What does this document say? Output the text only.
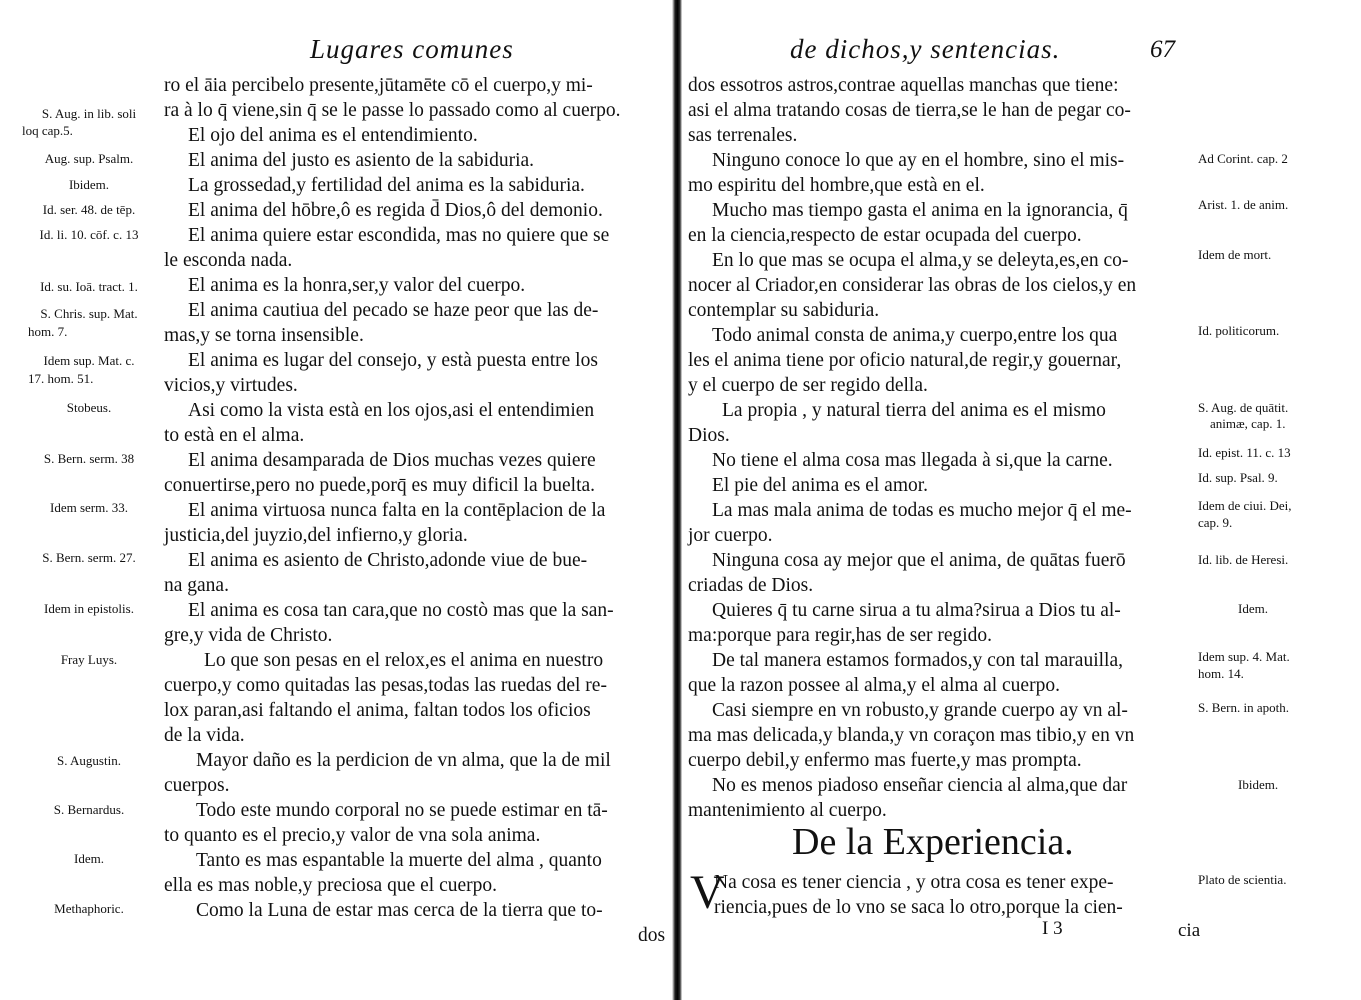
Lugares comunes
ro el āia percibelo presente,jūtamēte cō el cuerpo,y mi-
ra à lo q̄ viene,sin q̄ se le passe lo passado como al cuerpo.
El ojo del anima es el entendimiento.
El anima del justo es asiento de la sabiduria.
La grossedad,y fertilidad del anima es la sabiduria.
El anima del hōbre,ô es regida d̄ Dios,ô del demonio.
El anima quiere estar escondida, mas no quiere que se
le esconda nada.
El anima es la honra,ser,y valor del cuerpo.
El anima cautiua del pecado se haze peor que las de-
mas,y se torna insensible.
El anima es lugar del consejo, y està puesta entre los
vicios,y virtudes.
Asi como la vista està en los ojos,asi el entendimien
to està en el alma.
El anima desamparada de Dios muchas vezes quiere
conuertirse,pero no puede,porq̄ es muy dificil la buelta.
El anima virtuosa nunca falta en la contēplacion de la
justicia,del juyzio,del infierno,y gloria.
El anima es asiento de Christo,adonde viue de bue-
na gana.
El anima es cosa tan cara,que no costò mas que la san-
gre,y vida de Christo.
Lo que son pesas en el relox,es el anima en nuestro
cuerpo,y como quitadas las pesas,todas las ruedas del re-
lox paran,asi faltando el anima, faltan todos los oficios
de la vida.
Mayor daño es la perdicion de vn alma, que la de mil
cuerpos.
Todo este mundo corporal no se puede estimar en tā-
to quanto es el precio,y valor de vna sola anima.
Tanto es mas espantable la muerte del alma , quanto
ella es mas noble,y preciosa que el cuerpo.
Como la Luna de estar mas cerca de la tierra que to-
dos
S. Aug. in lib. soli
loq cap.5.
Aug. sup. Psalm.
Ibidem.
Id. ser. 48. de tēp.
Id. li. 10. cōf. c. 13
Id. su. Ioā. tract. 1.
S. Chris. sup. Mat.
hom. 7.
Idem sup. Mat. c.
17. hom. 51.
Stobeus.
S. Bern. serm. 38
Idem serm. 33.
S. Bern. serm. 27.
Idem in epistolis.
Fray Luys.
S. Augustin.
S. Bernardus.
Idem.
Methaphoric.
de dichos,y sentencias.	67
dos essotros astros,contrae aquellas manchas que tiene:
asi el alma tratando cosas de tierra,se le han de pegar co-
sas terrenales.
Ninguno conoce lo que ay en el hombre, sino el mis-
mo espiritu del hombre,que està en el.
Mucho mas tiempo gasta el anima en la ignorancia, q̄
en la ciencia,respecto de estar ocupada del cuerpo.
En lo que mas se ocupa el alma,y se deleyta,es,en co-
nocer al Criador,en considerar las obras de los cielos,y en
contemplar su sabiduria.
Todo animal consta de anima,y cuerpo,entre los qua
les el anima tiene por oficio natural,de regir,y gouernar,
y el cuerpo de ser regido della.
La propia , y natural tierra del anima es el mismo
Dios.
No tiene el alma cosa mas llegada à si,que la carne.
El pie del anima es el amor.
La mas mala anima de todas es mucho mejor q̄ el me-
jor cuerpo.
Ninguna cosa ay mejor que el anima, de quātas fuerō
criadas de Dios.
Quieres q̄ tu carne sirua a tu alma?sirua a Dios tu al-
ma:porque para regir,has de ser regido.
De tal manera estamos formados,y con tal marauilla,
que la razon possee al alma,y el alma al cuerpo.
Casi siempre en vn robusto,y grande cuerpo ay vn al-
ma mas delicada,y blanda,y vn coraçon mas tibio,y en vn
cuerpo debil,y enfermo mas fuerte,y mas prompta.
No es menos piadoso enseñar ciencia al alma,que dar
mantenimiento al cuerpo.
Ad Corint. cap. 2
Arist. 1. de anim.
Idem de mort.
Id. politicorum.
S. Aug. de quātit.
animæ, cap. 1.
Id. epist. 11. c. 13
Id. sup. Psal. 9.
Idem de ciui. Dei,
cap. 9.
Id. lib. de Heresi.
Idem.
Idem sup. 4. Mat.
hom. 14.
S. Bern. in apoth.
Ibidem.
Plato de scientia.
De la Experiencia.
V
Na cosa es tener ciencia , y otra cosa es tener expe-
riencia,pues de lo vno se saca lo otro,porque la cien-
I 3	cia
